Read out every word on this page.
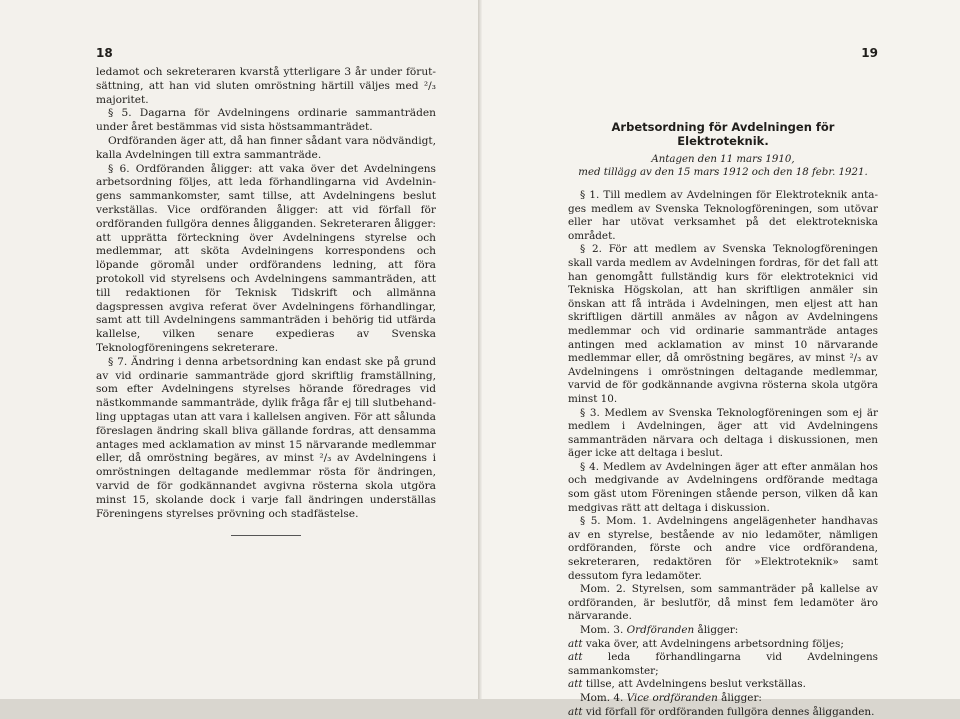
18

ledamot och sekreteraren kvarstå ytterligare 3 år under förutsättning, att han vid sluten omröstning härtill väljes med ²/₃ majoritet.

§ 5. Dagarna för Avdelningens ordinarie sammanträden under året bestämmas vid sista höstsammanträdet.

Ordföranden äger att, då han finner sådant vara nödvändigt, kalla Avdelningen till extra sammanträde.

§ 6. Ordföranden åligger: att vaka över det Avdelningens arbetsordning följes, att leda förhandlingarna vid Avdelningens sammankomster, samt tillse, att Avdelningens beslut verkställas. Vice ordföranden åligger: att vid förfall för ordföranden fullgöra dennes åligganden. Sekreteraren åligger: att upprätta förteckning över Avdelningens styrelse och medlemmar, att sköta Avdelningens korrespondens och löpande göromål under ordförandens ledning, att föra protokoll vid styrelsens och Avdelningens sammanträden, att till redaktionen för Teknisk Tidskrift och allmänna dagspressen avgiva referat över Avdelningens förhandlingar, samt att till Avdelningens sammanträden i behörig tid utfärda kallelse, vilken senare expedieras av Svenska Teknologföreningens sekreterare.

§ 7. Ändring i denna arbetsordning kan endast ske på grund av vid ordinarie sammanträde gjord skriftlig framställning, som efter Avdelningens styrelses hörande föredrages vid nästkommande sammanträde, dylik fråga får ej till slutbehandling upptagas utan att vara i kallelsen angiven. För att sålunda föreslagen ändring skall bliva gällande fordras, att densamma antages med acklamation av minst 15 närvarande medlemmar eller, då omröstning begäres, av minst ²/₃ av Avdelningens i omröstningen deltagande medlemmar rösta för ändringen, varvid de för godkännandet avgivna rösterna skola utgöra minst 15, skolande dock i varje fall ändringen underställas Föreningens styrelses prövning och stadfästelse.

19
Arbetsordning för Avdelningen för Elektroteknik.
Antagen den 11 mars 1910,
med tillägg av den 15 mars 1912 och den 18 febr. 1921.

§ 1. Till medlem av Avdelningen för Elektroteknik antages medlem av Svenska Teknologföreningen, som utövar eller har utövat verksamhet på det elektrotekniska området.

§ 2. För att medlem av Svenska Teknologföreningen skall varda medlem av Avdelningen fordras, för det fall att han genomgått fullständig kurs för elektroteknici vid Tekniska Högskolan, att han skriftligen anmäler sin önskan att få inträda i Avdelningen, men eljest att han skriftligen därtill anmäles av någon av Avdelningens medlemmar och vid ordinarie sammanträde antages antingen med acklamation av minst 10 närvarande medlemmar eller, då omröstning begäres, av minst ²/₃ av Avdelningens i omröstningen deltagande medlemmar, varvid de för godkännande avgivna rösterna skola utgöra minst 10.

§ 3. Medlem av Svenska Teknologföreningen som ej är medlem i Avdelningen, äger att vid Avdelningens sammanträden närvara och deltaga i diskussionen, men äger icke att deltaga i beslut.

§ 4. Medlem av Avdelningen äger att efter anmälan hos och medgivande av Avdelningens ordförande medtaga som gäst utom Föreningen stående person, vilken då kan medgivas rätt att deltaga i diskussion.

§ 5. Mom. 1. Avdelningens angelägenheter handhavas av en styrelse, bestående av nio ledamöter, nämligen ordföranden, förste och andre vice ordförandena, sekreteraren, redaktören för »Elektroteknik» samt dessutom fyra ledamöter.

Mom. 2. Styrelsen, som sammanträder på kallelse av ordföranden, är beslutför, då minst fem ledamöter äro närvarande.

Mom. 3. Ordföranden åligger:

att vaka över, att Avdelningens arbetsordning följes;

att leda förhandlingarna vid Avdelningens sammankomster;

att tillse, att Avdelningens beslut verkställas.

Mom. 4. Vice ordföranden åligger:

att vid förfall för ordföranden fullgöra dennes åligganden.
